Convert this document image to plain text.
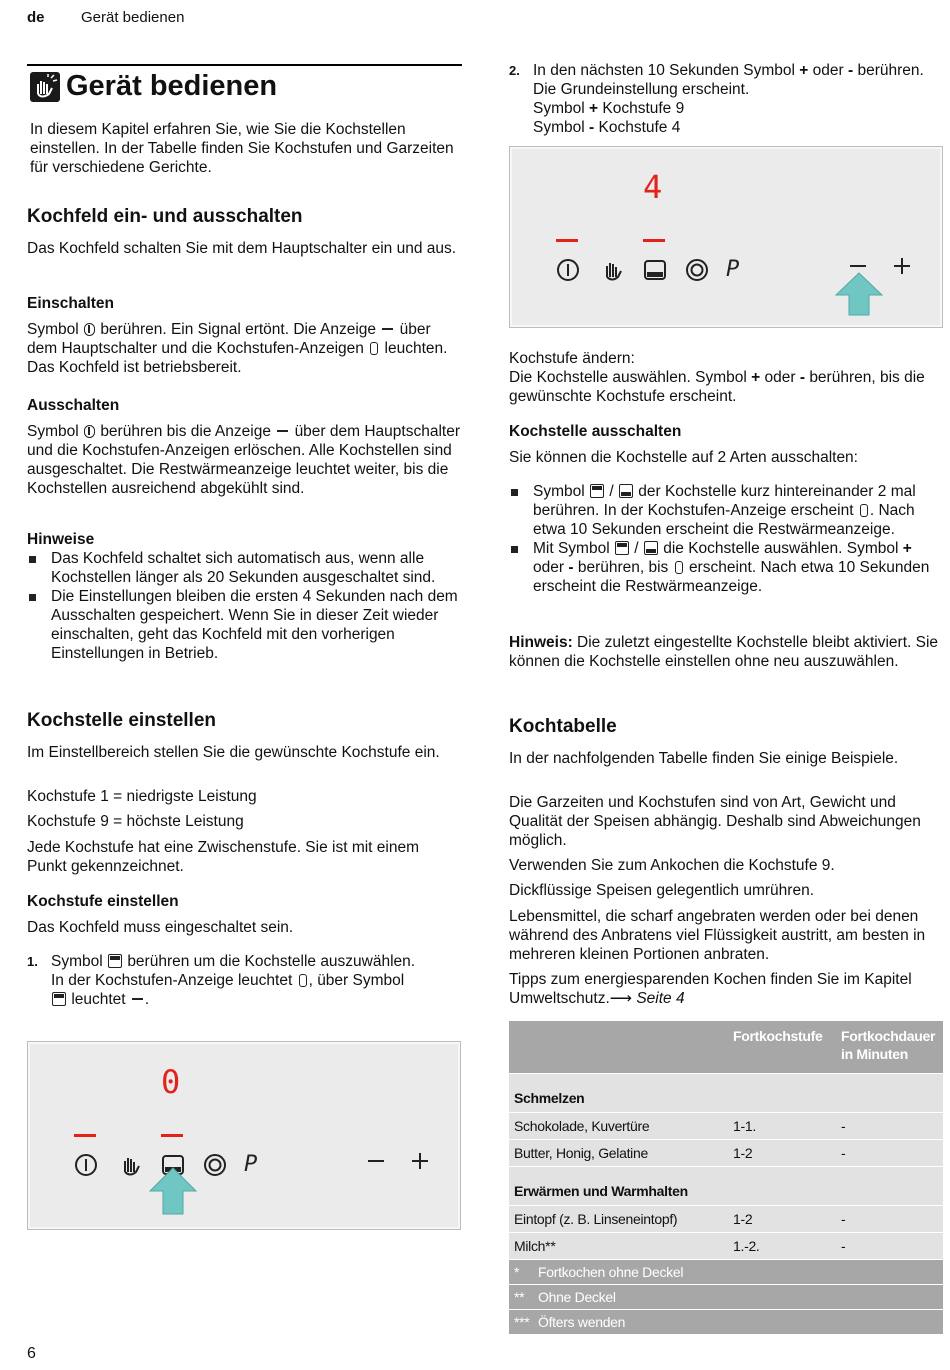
de Gerät bedienen
Gerät bedienen

In diesem Kapitel erfahren Sie, wie Sie die Kochstellen einstellen. In der Tabelle finden Sie Kochstufen und Garzeiten für verschiedene Gerichte.

Kochfeld ein- und ausschalten

Das Kochfeld schalten Sie mit dem Hauptschalter ein und aus.

Einschalten

Symbol berühren. Ein Signal ertönt. Die Anzeige über dem Hauptschalter und die Kochstufen-Anzeigen leuchten. Das Kochfeld ist betriebsbereit.

Ausschalten

Symbol berühren bis die Anzeige über dem Hauptschalter und die Kochstufen-Anzeigen erlöschen. Alle Kochstellen sind ausgeschaltet. Die Restwärmeanzeige leuchtet weiter, bis die Kochstellen ausreichend abgekühlt sind.

Hinweise

Das Kochfeld schaltet sich automatisch aus, wenn alle Kochstellen länger als 20 Sekunden ausgeschaltet sind.

Die Einstellungen bleiben die ersten 4 Sekunden nach dem Ausschalten gespeichert. Wenn Sie in dieser Zeit wieder einschalten, geht das Kochfeld mit den vorherigen Einstellungen in Betrieb.

Kochstelle einstellen

Im Einstellbereich stellen Sie die gewünschte Kochstufe ein.

Kochstufe 1 = niedrigste Leistung

Kochstufe 9 = höchste Leistung

Jede Kochstufe hat eine Zwischenstufe. Sie ist mit einem Punkt gekennzeichnet.

Kochstufe einstellen

Das Kochfeld muss eingeschaltet sein.

1. Symbol berühren um die Kochstelle auszuwählen.
In der Kochstufen-Anzeige leuchtet , über Symbol
leuchtet .
0
P
2. In den nächsten 10 Sekunden Symbol + oder - berühren. Die Grundeinstellung erscheint.
Symbol + Kochstufe 9
Symbol - Kochstufe 4
4
P

Kochstufe ändern:

Die Kochstelle auswählen. Symbol + oder - berühren, bis die gewünschte Kochstufe erscheint.

Kochstelle ausschalten

Sie können die Kochstelle auf 2 Arten ausschalten:

Symbol / der Kochstelle kurz hintereinander 2 mal berühren. In der Kochstufen-Anzeige erscheint . Nach etwa 10 Sekunden erscheint die Restwärmeanzeige.

Mit Symbol / die Kochstelle auswählen. Symbol + oder - berühren, bis erscheint. Nach etwa 10 Sekunden erscheint die Restwärmeanzeige.

Hinweis: Die zuletzt eingestellte Kochstelle bleibt aktiviert. Sie können die Kochstelle einstellen ohne neu auszuwählen.

Kochtabelle

In der nachfolgenden Tabelle finden Sie einige Beispiele.

Die Garzeiten und Kochstufen sind von Art, Gewicht und Qualität der Speisen abhängig. Deshalb sind Abweichungen möglich.

Verwenden Sie zum Ankochen die Kochstufe 9.

Dickflüssige Speisen gelegentlich umrühren.

Lebensmittel, die scharf angebraten werden oder bei denen während des Anbratens viel Flüssigkeit austritt, am besten in mehreren kleinen Portionen anbraten.

Tipps zum energiesparenden Kochen finden Sie im Kapitel Umweltschutz.⟶ Seite 4

	Fortkochstufe	Fortkochdauer in Minuten
Schmelzen		
Schokolade, Kuvertüre	1-1.	-
Butter, Honig, Gelatine	1-2	-
Erwärmen und Warmhalten		
Eintopf (z. B. Linseneintopf)	1-2	-
Milch**	1.-2.	-
* Fortkochen ohne Deckel		
** Ohne Deckel		
*** Öfters wenden		
6
